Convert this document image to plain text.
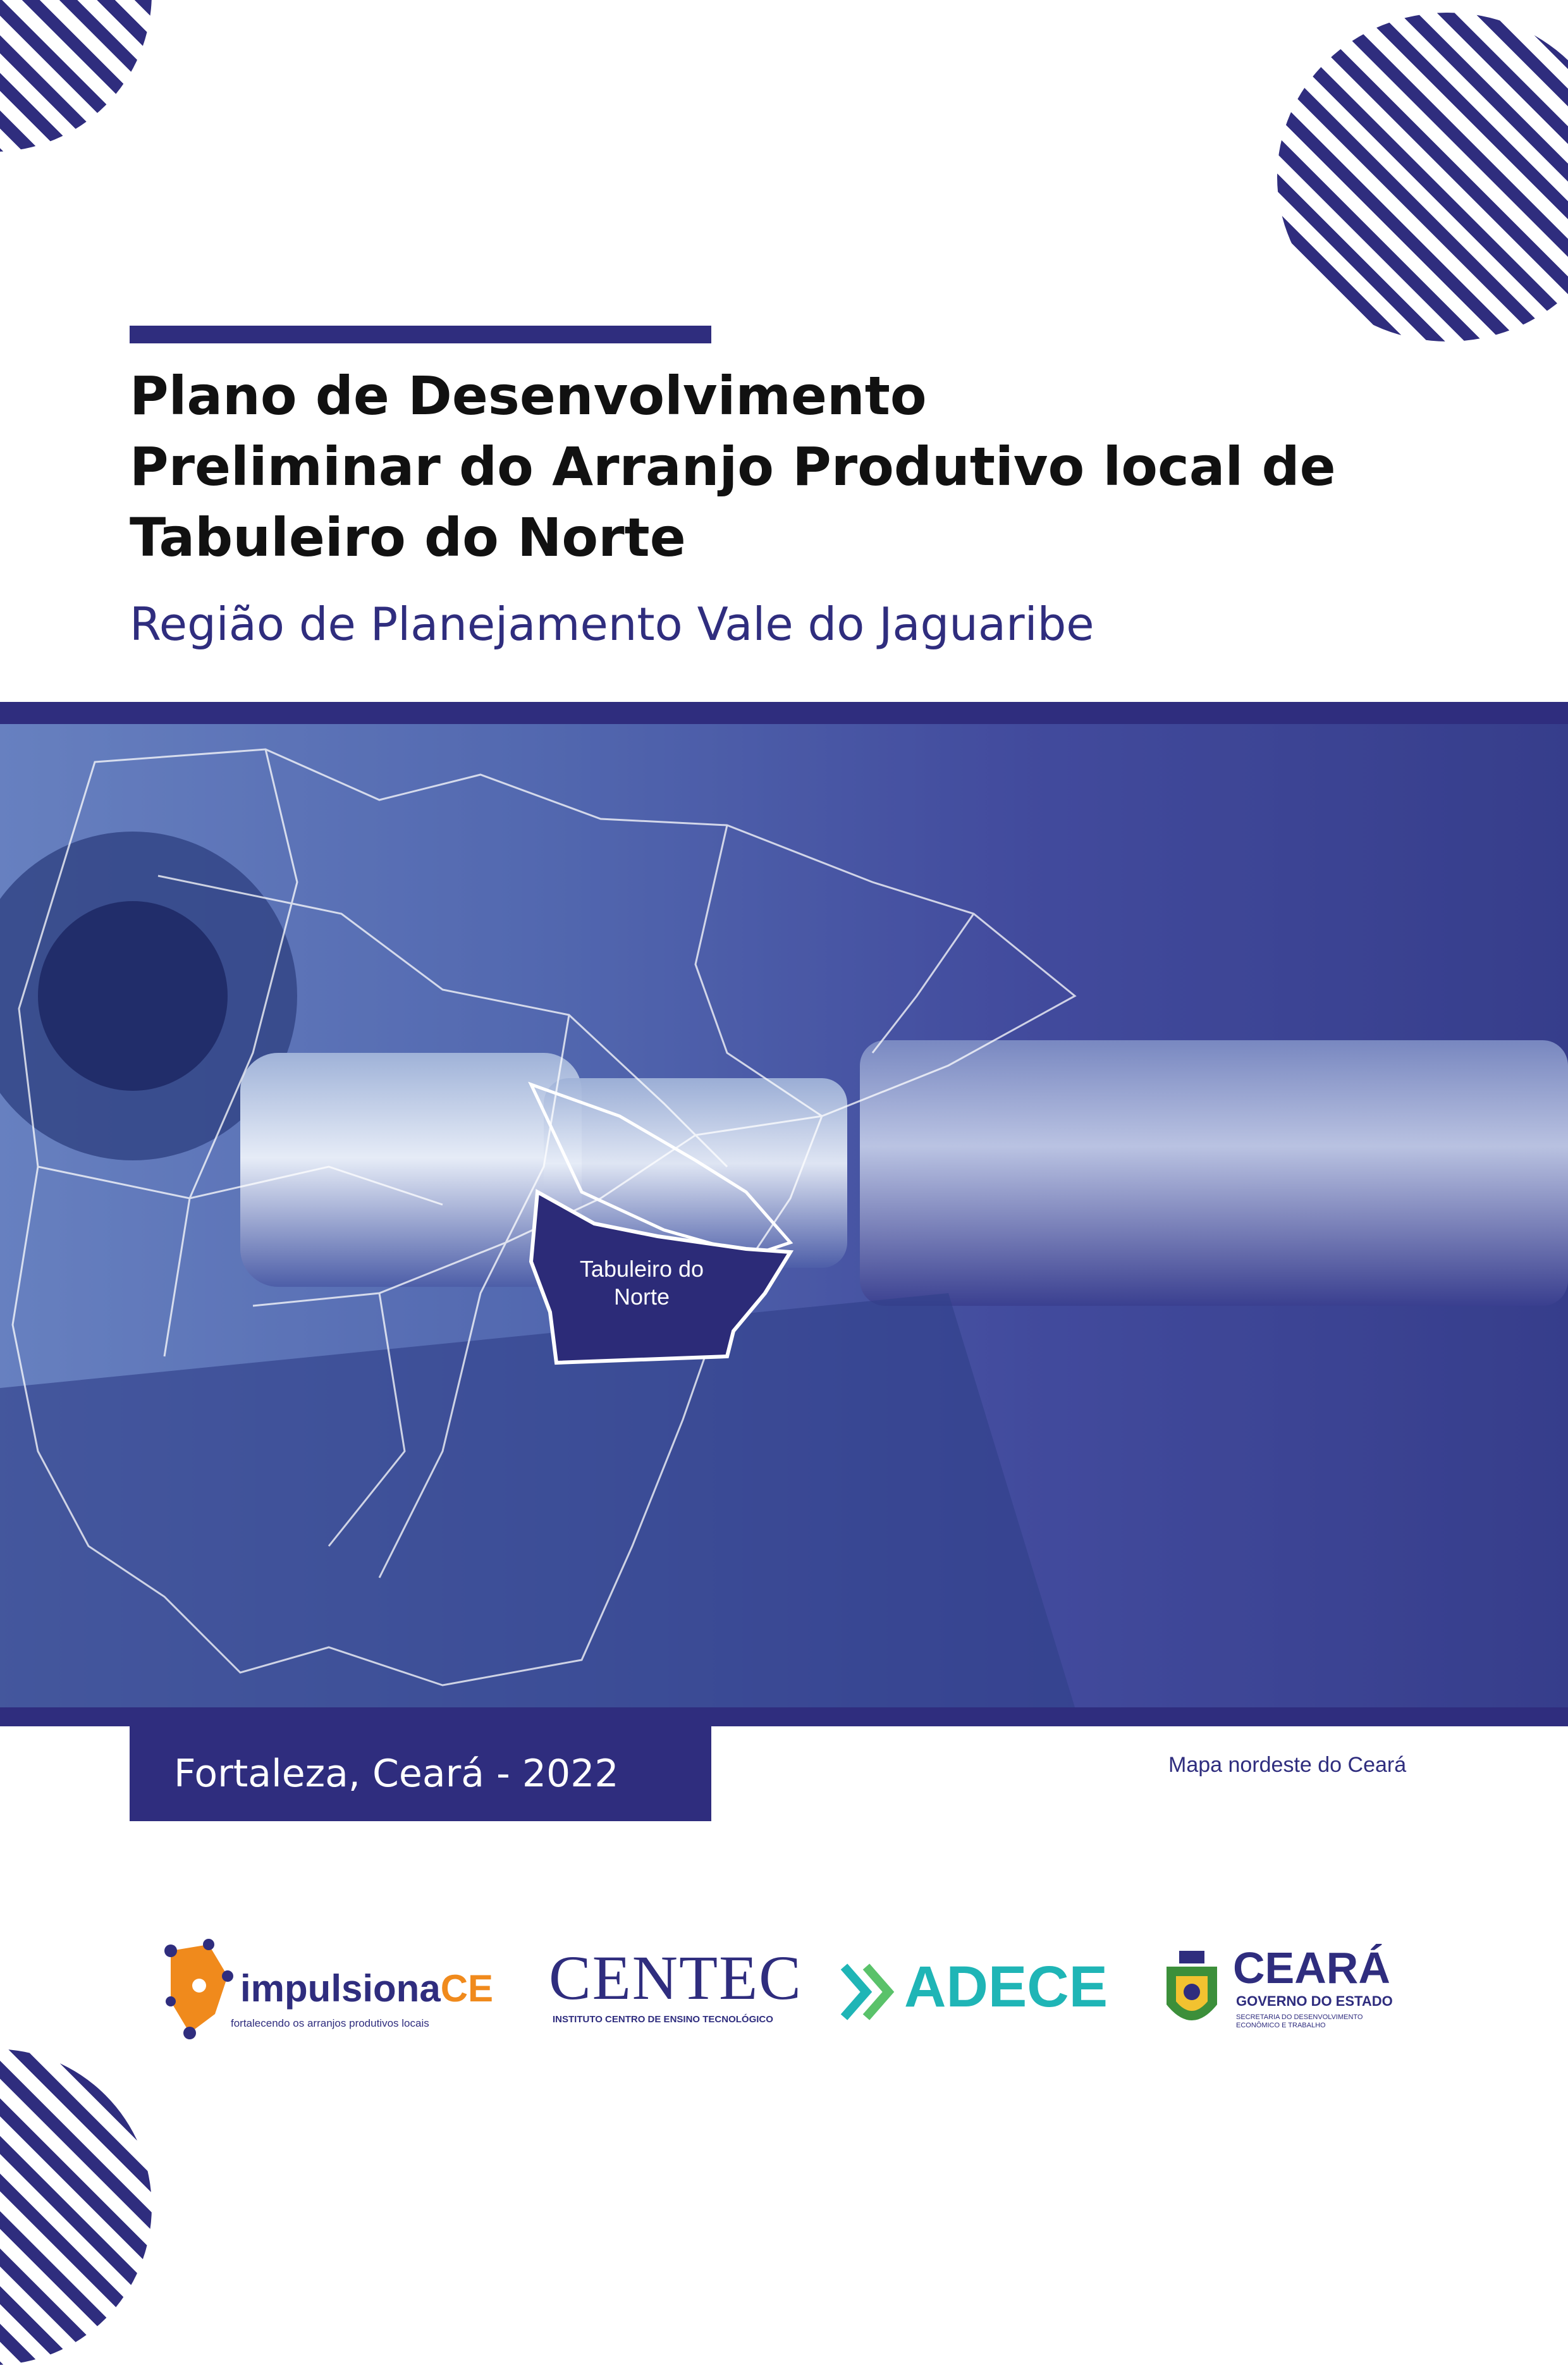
Plano de Desenvolvimento
Preliminar do Arranjo Produtivo local de
Tabuleiro do Norte
Região de Planejamento Vale do Jaguaribe
Tabuleiro do Norte
Fortaleza, Ceará - 2022	Mapa nordeste do Ceará
impulsionaCE
fortalecendo os arranjos produtivos locais
CENTEC
INSTITUTO CENTRO DE ENSINO TECNOLÓGICO
ADECE	CEARÁ
GOVERNO DO ESTADO
SECRETARIA DO DESENVOLVIMENTO ECONÔMICO E TRABALHO
